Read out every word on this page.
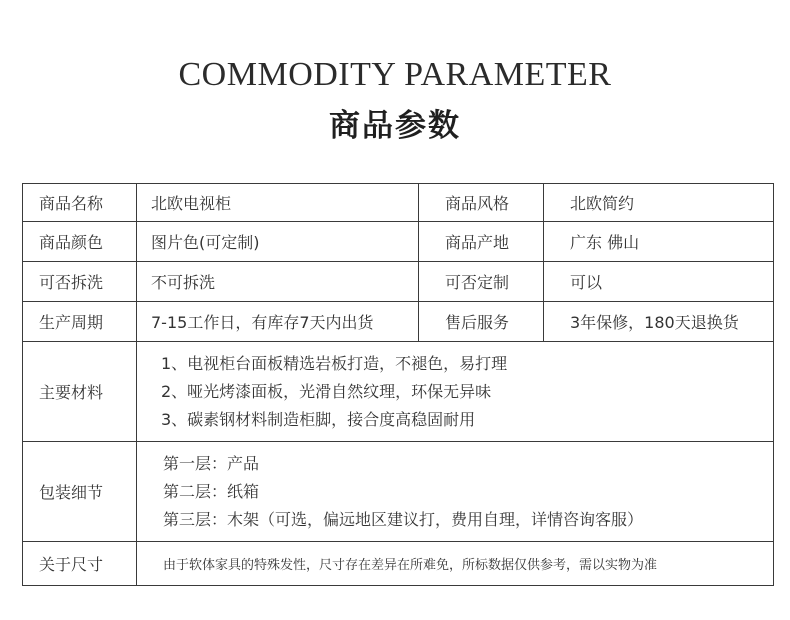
COMMODITY PARAMETER
商品参数
商品名称	北欧电视柜	商品风格	北欧简约
商品颜色	图片色(可定制)	商品产地	广东 佛山
可否拆洗	不可拆洗	可否定制	可以
生产周期	7-15工作日，有库存7天内出货	售后服务	3年保修，180天退换货
主要材料	1、电视柜台面板精选岩板打造，不褪色，易打理
2、哑光烤漆面板，光滑自然纹理，环保无异味
3、碳素钢材料制造柜脚，接合度高稳固耐用		

包装细节	第一层：产品
第二层：纸箱
第三层：木架（可选，偏远地区建议打，费用自理，详情咨询客服）		

关于尺寸	由于软体家具的特殊发性，尺寸存在差异在所难免，所标数据仅供参考，需以实物为准		
